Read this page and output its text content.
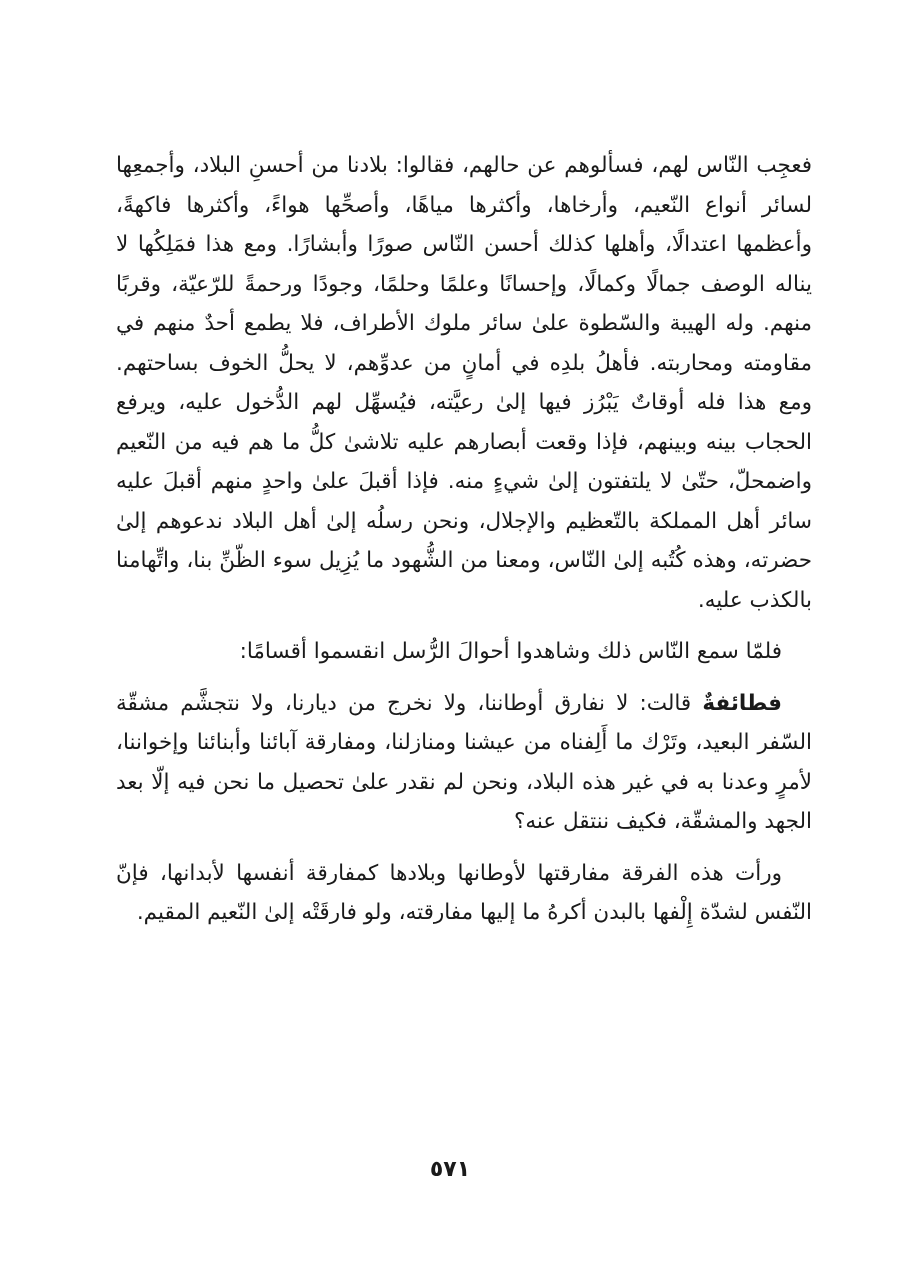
فعجِب النّاس لهم، فسألوهم عن حالهم، فقالوا: بلادنا من أحسنِ البلاد، وأجمعِها لسائر أنواع النّعيم، وأرخاها، وأكثرها مياهًا، وأصحِّها هواءً، وأكثرها فاكهةً، وأعظمها اعتدالًا، وأهلها كذلك أحسن النّاس صورًا وأبشارًا. ومع هذا فمَلِكُها لا يناله الوصف جمالًا وكمالًا، وإحسانًا وعلمًا وحلمًا، وجودًا ورحمةً للرّعيّة، وقربًا منهم. وله الهيبة والسّطوة علىٰ سائر ملوك الأطراف، فلا يطمع أحدٌ منهم في مقاومته ومحاربته. فأهلُ بلدِه في أمانٍ من عدوِّهم، لا يحلُّ الخوف بساحتهم. ومع هذا فله أوقاتٌ يَبْرُز فيها إلىٰ رعيَّته، فيُسهِّل لهم الدُّخول عليه، ويرفع الحجاب بينه وبينهم، فإذا وقعت أبصارهم عليه تلاشىٰ كلُّ ما هم فيه من النّعيم واضمحلّ، حتّىٰ لا يلتفتون إلىٰ شيءٍ منه. فإذا أقبلَ علىٰ واحدٍ منهم أقبلَ عليه سائر أهل المملكة بالتّعظيم والإجلال، ونحن رسلُه إلىٰ أهل البلاد ندعوهم إلىٰ حضرته، وهذه كُتُبه إلىٰ النّاس، ومعنا من الشُّهود ما يُزِيل سوء الظّنِّ بنا، واتِّهامنا بالكذب عليه.

فلمّا سمع النّاس ذلك وشاهدوا أحوالَ الرُّسل انقسموا أقسامًا:

فطائفةٌ قالت: لا نفارق أوطاننا، ولا نخرج من ديارنا، ولا نتجشَّم مشقّة السّفر البعيد، وتَرْك ما أَلِفناه من عيشنا ومنازلنا، ومفارقة آبائنا وأبنائنا وإخواننا، لأمرٍ وعدنا به في غير هذه البلاد، ونحن لم نقدر علىٰ تحصيل ما نحن فيه إلّا بعد الجهد والمشقّة، فكيف ننتقل عنه؟

ورأت هذه الفرقة مفارقتها لأوطانها وبلادها كمفارقة أنفسها لأبدانها، فإنّ النّفس لشدّة إِلْفها بالبدن أكرهُ ما إليها مفارقته، ولو فارقَتْه إلىٰ النّعيم المقيم.

٥٧١
